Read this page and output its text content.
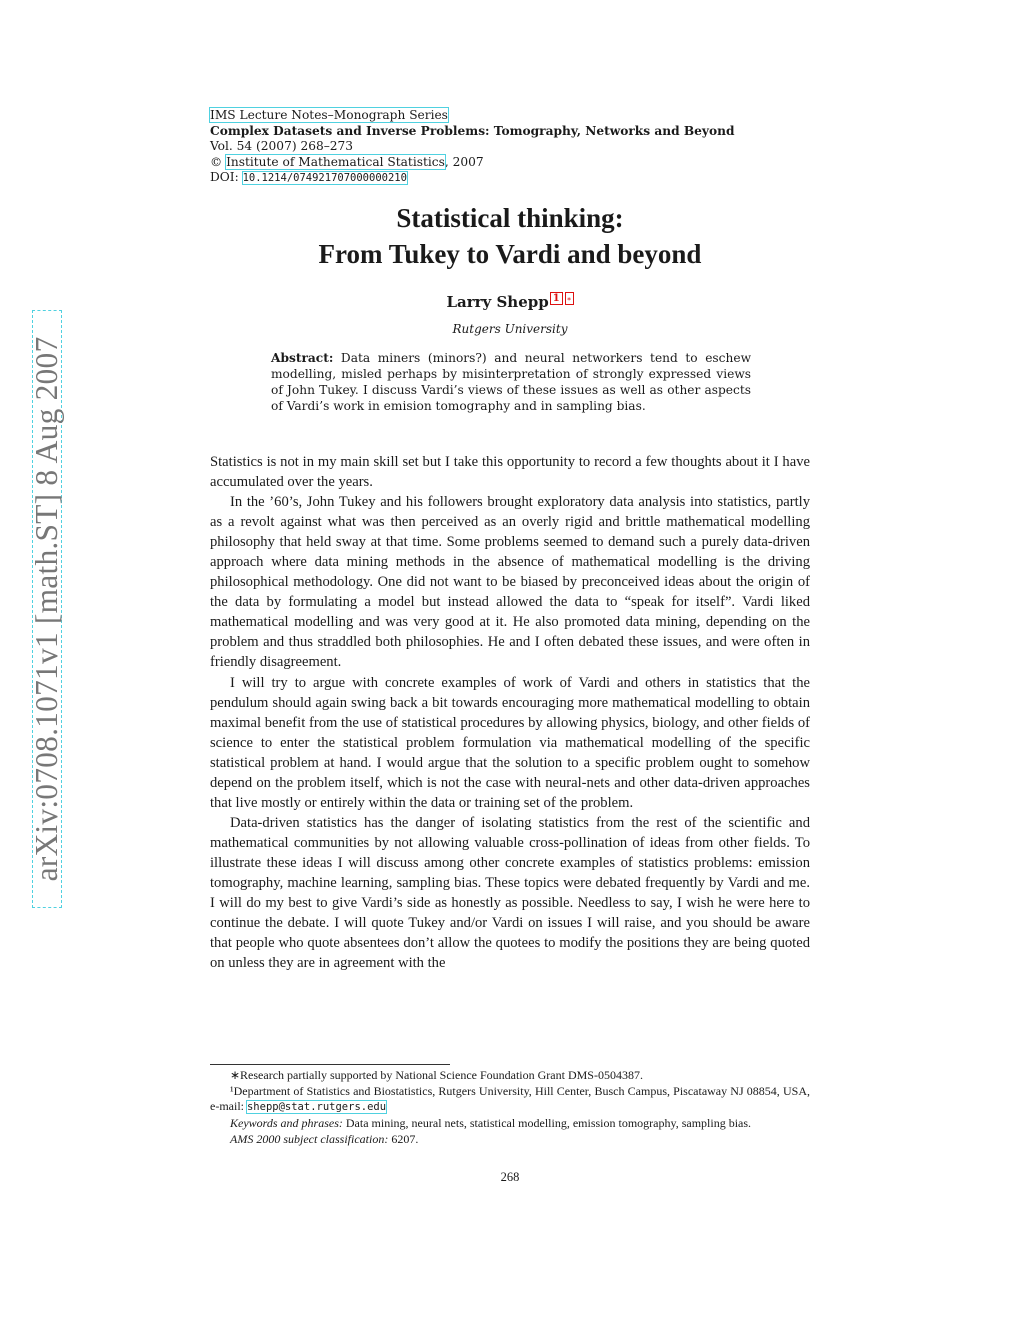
arXiv:0708.1071v1 [math.ST] 8 Aug 2007
IMS Lecture Notes–Monograph Series
Complex Datasets and Inverse Problems: Tomography, Networks and Beyond
Vol. 54 (2007) 268–273
© Institute of Mathematical Statistics, 2007
DOI: 10.1214/074921707000000210
Statistical thinking:
From Tukey to Vardi and beyond
Larry Shepp 1 ∗
Rutgers University
Abstract: Data miners (minors?) and neural networkers tend to eschew modelling, misled perhaps by misinterpretation of strongly expressed views of John Tukey. I discuss Vardi’s views of these issues as well as other aspects of Vardi’s work in emision tomography and in sampling bias.

Statistics is not in my main skill set but I take this opportunity to record a few thoughts about it I have accumulated over the years.

In the ’60’s, John Tukey and his followers brought exploratory data analysis into statistics, partly as a revolt against what was then perceived as an overly rigid and brittle mathematical modelling philosophy that held sway at that time. Some problems seemed to demand such a purely data-driven approach where data mining methods in the absence of mathematical modelling is the driving philosophical methodology. One did not want to be biased by preconceived ideas about the origin of the data by formulating a model but instead allowed the data to “speak for itself”. Vardi liked mathematical modelling and was very good at it. He also promoted data mining, depending on the problem and thus straddled both philosophies. He and I often debated these issues, and were often in friendly disagreement.

I will try to argue with concrete examples of work of Vardi and others in statistics that the pendulum should again swing back a bit towards encouraging more mathematical modelling to obtain maximal benefit from the use of statistical procedures by allowing physics, biology, and other fields of science to enter the statistical problem formulation via mathematical modelling of the specific statistical problem at hand. I would argue that the solution to a specific problem ought to somehow depend on the problem itself, which is not the case with neural-nets and other data-driven approaches that live mostly or entirely within the data or training set of the problem.

Data-driven statistics has the danger of isolating statistics from the rest of the scientific and mathematical communities by not allowing valuable cross-pollination of ideas from other fields. To illustrate these ideas I will discuss among other concrete examples of statistics problems: emission tomography, machine learning, sampling bias. These topics were debated frequently by Vardi and me. I will do my best to give Vardi’s side as honestly as possible. Needless to say, I wish he were here to continue the debate. I will quote Tukey and/or Vardi on issues I will raise, and you should be aware that people who quote absentees don’t allow the quotees to modify the positions they are being quoted on unless they are in agreement with the

∗Research partially supported by National Science Foundation Grant DMS-0504387.

¹Department of Statistics and Biostatistics, Rutgers University, Hill Center, Busch Campus, Piscataway NJ 08854, USA, e-mail: shepp@stat.rutgers.edu

Keywords and phrases: Data mining, neural nets, statistical modelling, emission tomography, sampling bias.

AMS 2000 subject classification: 6207.

268
